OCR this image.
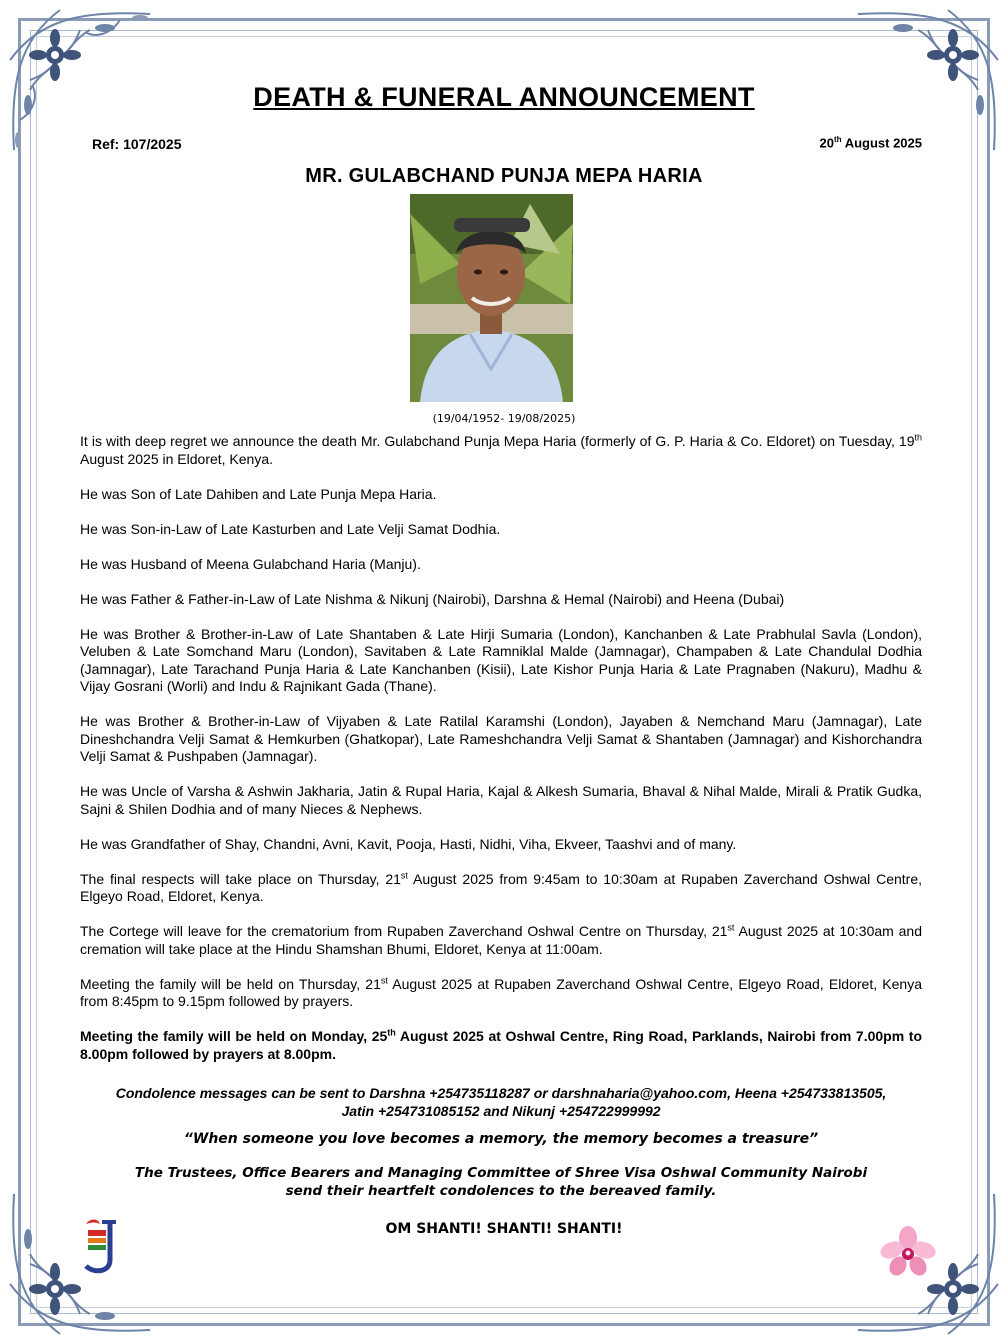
DEATH & FUNERAL ANNOUNCEMENT
Ref: 107/2025	20th August 2025
MR. GULABCHAND PUNJA MEPA HARIA
(19/04/1952- 19/08/2025)

It is with deep regret we announce the death Mr. Gulabchand Punja Mepa Haria (formerly of G. P. Haria & Co. Eldoret) on Tuesday, 19th August 2025 in Eldoret, Kenya.

He was Son of Late Dahiben and Late Punja Mepa Haria.

He was Son-in-Law of Late Kasturben and Late Velji Samat Dodhia.

He was Husband of Meena Gulabchand Haria (Manju).

He was Father & Father-in-Law of Late Nishma & Nikunj (Nairobi), Darshna & Hemal (Nairobi) and Heena (Dubai)

He was Brother & Brother-in-Law of Late Shantaben & Late Hirji Sumaria (London), Kanchanben & Late Prabhulal Savla (London), Veluben & Late Somchand Maru (London), Savitaben & Late Ramniklal Malde (Jamnagar), Champaben & Late Chandulal Dodhia (Jamnagar), Late Tarachand Punja Haria & Late Kanchanben (Kisii), Late Kishor Punja Haria & Late Pragnaben (Nakuru), Madhu & Vijay Gosrani (Worli) and Indu & Rajnikant Gada (Thane).

He was Brother & Brother-in-Law of Vijyaben & Late Ratilal Karamshi (London), Jayaben & Nemchand Maru (Jamnagar), Late Dineshchandra Velji Samat & Hemkurben (Ghatkopar), Late Rameshchandra Velji Samat & Shantaben (Jamnagar) and Kishorchandra Velji Samat & Pushpaben (Jamnagar).

He was Uncle of Varsha & Ashwin Jakharia, Jatin & Rupal Haria, Kajal & Alkesh Sumaria, Bhaval & Nihal Malde, Mirali & Pratik Gudka, Sajni & Shilen Dodhia and of many Nieces & Nephews.

He was Grandfather of Shay, Chandni, Avni, Kavit, Pooja, Hasti, Nidhi, Viha, Ekveer, Taashvi and of many.

The final respects will take place on Thursday, 21st August 2025 from 9:45am to 10:30am at Rupaben Zaverchand Oshwal Centre, Elgeyo Road, Eldoret, Kenya.

The Cortege will leave for the crematorium from Rupaben Zaverchand Oshwal Centre on Thursday, 21st August 2025 at 10:30am and cremation will take place at the Hindu Shamshan Bhumi, Eldoret, Kenya at 11:00am.

Meeting the family will be held on Thursday, 21st August 2025 at Rupaben Zaverchand Oshwal Centre, Elgeyo Road, Eldoret, Kenya from 8:45pm to 9.15pm followed by prayers.

Meeting the family will be held on Monday, 25th August 2025 at Oshwal Centre, Ring Road, Parklands, Nairobi from 7.00pm to 8.00pm followed by prayers at 8.00pm.

Condolence messages can be sent to Darshna +254735118287 or darshnaharia@yahoo.com, Heena +254733813505,
Jatin +254731085152 and Nikunj +254722999992
“When someone you love becomes a memory, the memory becomes a treasure”
The Trustees, Office Bearers and Managing Committee of Shree Visa Oshwal Community Nairobi
send their heartfelt condolences to the bereaved family.
OM SHANTI! SHANTI! SHANTI!
